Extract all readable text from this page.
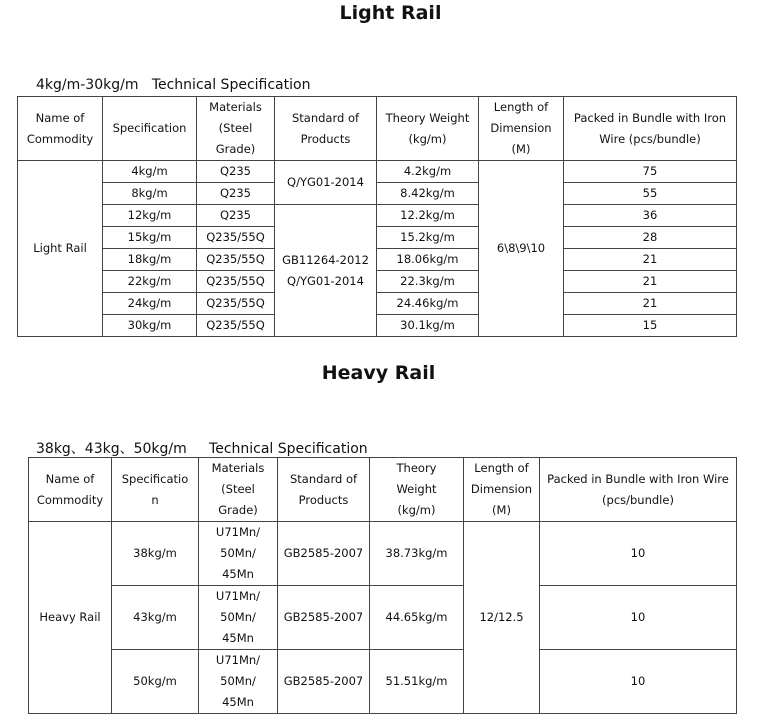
Light Rail
4kg/m-30kg/m   Technical Specification
Name of
Commodity	Specification	Materials
(Steel
Grade)	Standard of
Products	Theory Weight
(kg/m)	Length of
Dimension
(M)	Packed in Bundle with Iron
Wire (pcs/bundle)

Light Rail	4kg/m	Q235	Q/YG01-2014	4.2kg/m	6\8\9\10	75
	8kg/m	Q235		8.42kg/m		55
	12kg/m	Q235	GB11264-2012
Q/YG01-2014	12.2kg/m		36
	15kg/m	Q235/55Q		15.2kg/m		28
	18kg/m	Q235/55Q		18.06kg/m		21
	22kg/m	Q235/55Q		22.3kg/m		21
	24kg/m	Q235/55Q		24.46kg/m		21
	30kg/m	Q235/55Q		30.1kg/m		15
Heavy Rail
38kg、43kg、50kg/m     Technical Specification
Name of
Commodity	Specificatio
n	Materials
(Steel
Grade)	Standard of
Products	Theory
Weight
(kg/m)	Length of
Dimension
(M)	Packed in Bundle with Iron Wire
(pcs/bundle)

Heavy Rail	38kg/m	U71Mn/
50Mn/
45Mn	GB2585-2007	38.73kg/m	12/12.5	10
	43kg/m	U71Mn/
50Mn/
45Mn	GB2585-2007	44.65kg/m		10
	50kg/m	U71Mn/
50Mn/
45Mn	GB2585-2007	51.51kg/m		10
